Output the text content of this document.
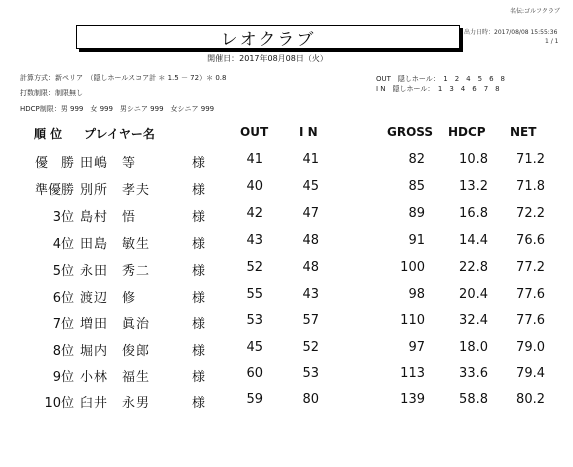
名伝:ゴルフクラブ
出力日時：2017/08/08 15:55:36
1 / 1
レオクラブ
開催日：2017年08月08日（火）
計算方式：新ペリア　（隠しホールスコア計 ＊ 1.5 － 72）＊ 0.8
打数制限：制限無し
HDCP制限：男 999　女 999　男シニア 999　女シニア 999
OUT　隠しホール：　1　2　4　5　6　8
I N　隠しホール：　1　3　4　6　7　8
順 位 プレイヤー名	OUT	I N	GROSS HDCP NET
優　勝 田嶋　等	様	41	41	82	10.8	71.2
準優勝 別所　孝夫	様	40	45	85	13.2	71.8
3位 島村　悟	様	42	47	89	16.8	72.2
4位 田島　敏生	様	43	48	91	14.4	76.6
5位 永田　秀二	様	52	48	100	22.8	77.2
6位 渡辺　修	様	55	43	98	20.4	77.6
7位 増田　眞治	様	53	57	110	32.4	77.6
8位 堀内　俊郎	様	45	52	97	18.0	79.0
9位 小林　福生	様	60	53	113	33.6	79.4
10位 臼井　永男	様	59	80	139	58.8	80.2
